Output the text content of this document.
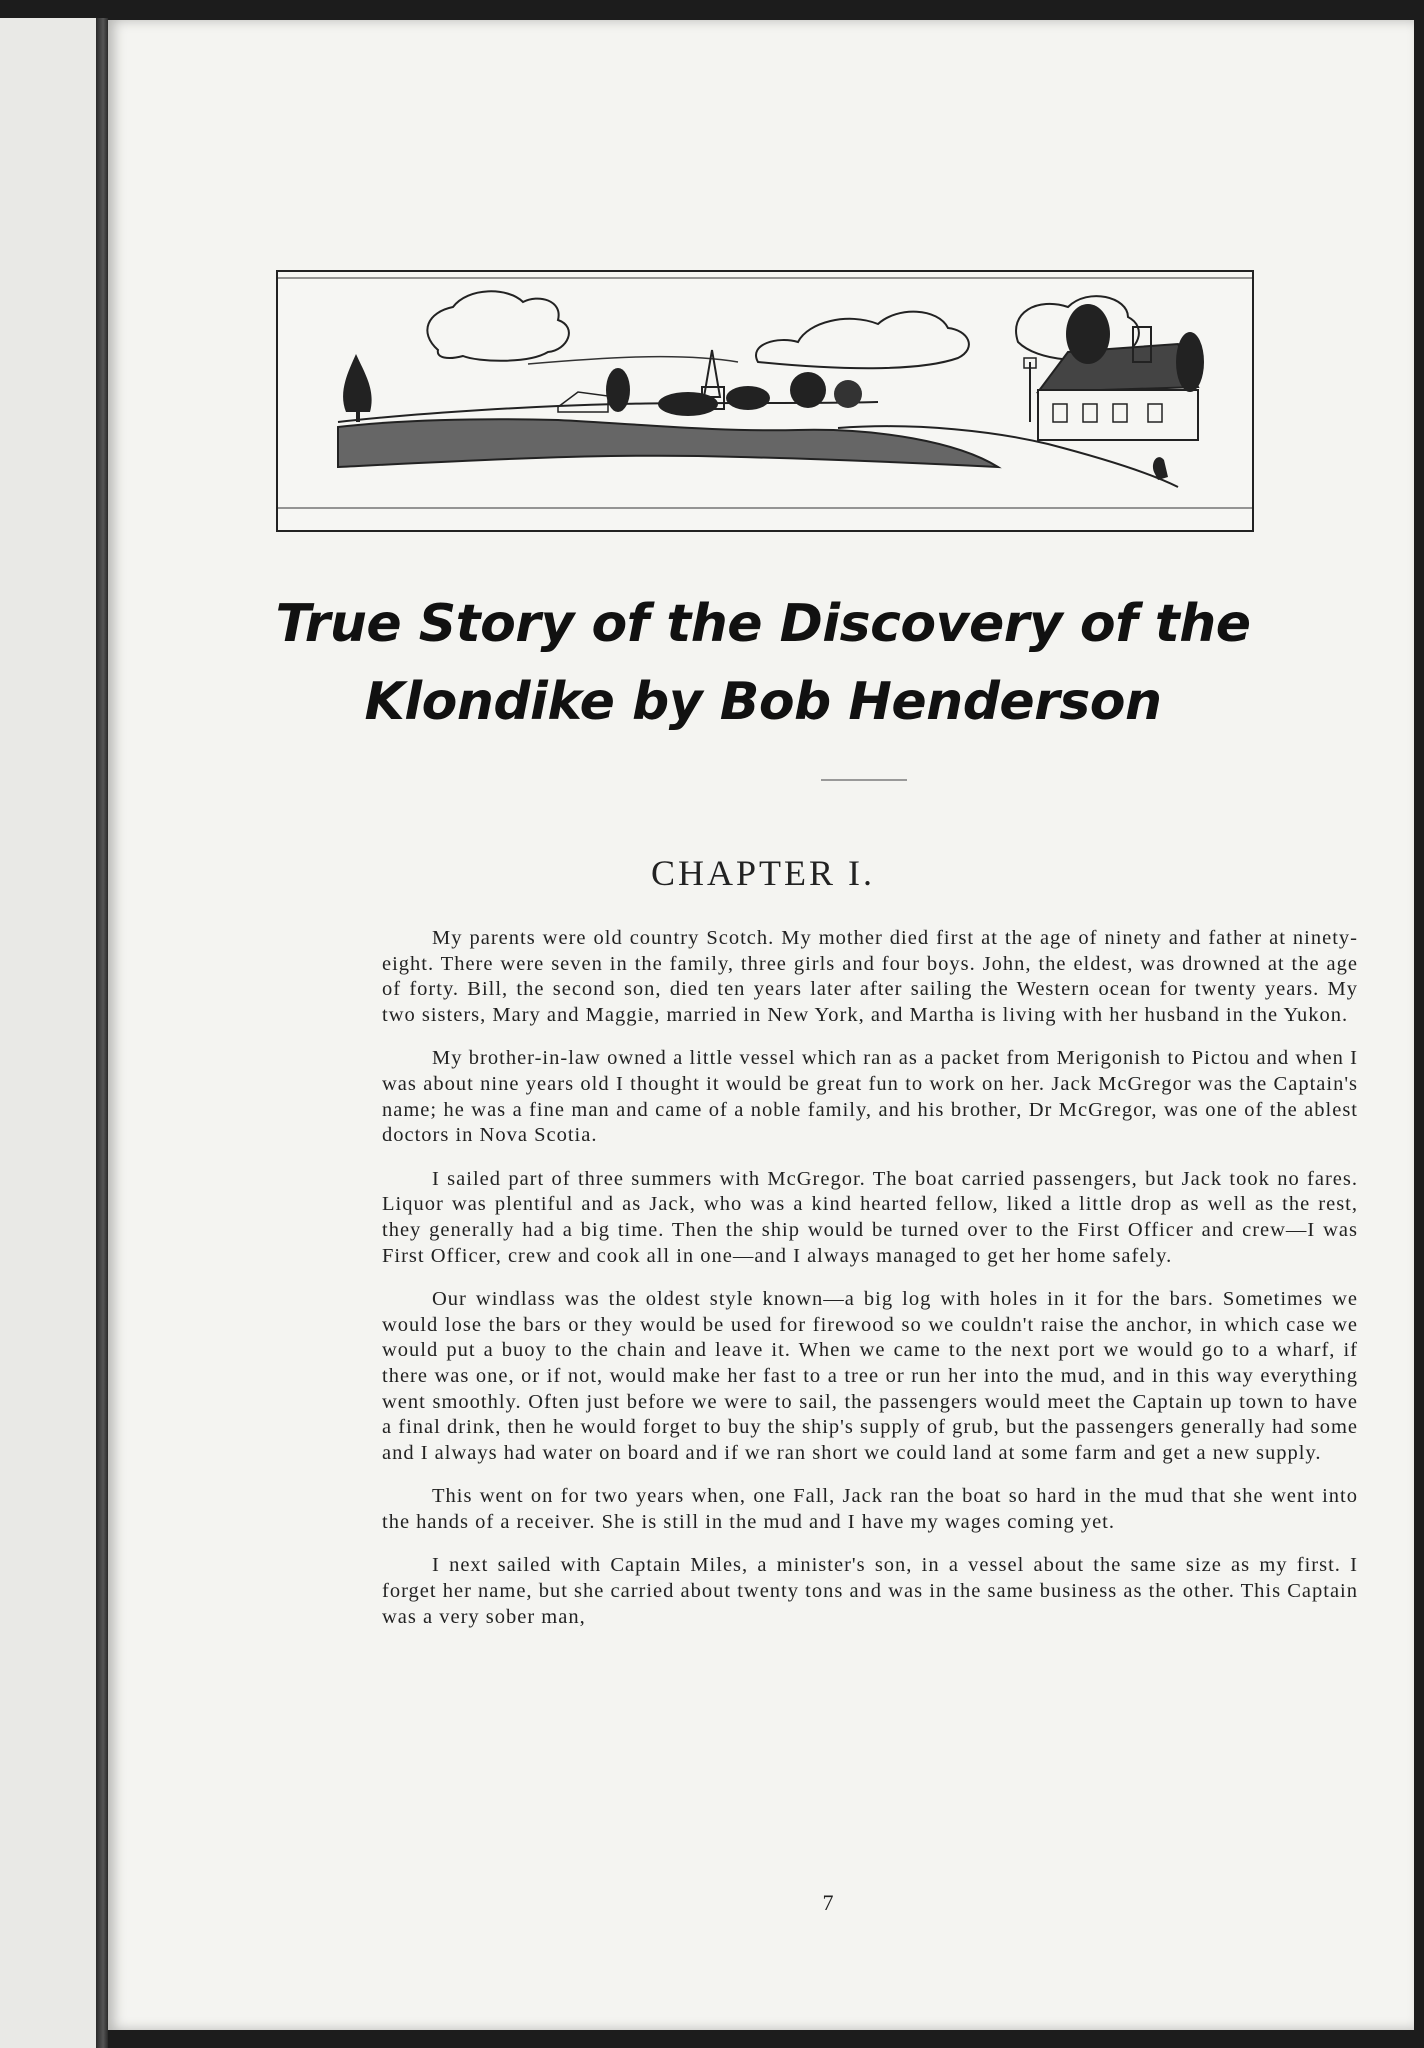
True Story of the Discovery of the
Klondike by Bob Henderson
CHAPTER I.

My parents were old country Scotch. My mother died first at the age of ninety and father at ninety-eight. There were seven in the family, three girls and four boys. John, the eldest, was drowned at the age of forty. Bill, the second son, died ten years later after sailing the Western ocean for twenty years. My two sisters, Mary and Maggie, married in New York, and Martha is living with her husband in the Yukon.

My brother-in-law owned a little vessel which ran as a packet from Merigonish to Pictou and when I was about nine years old I thought it would be great fun to work on her. Jack McGregor was the Captain's name; he was a fine man and came of a noble family, and his brother, Dr McGregor, was one of the ablest doctors in Nova Scotia.

I sailed part of three summers with McGregor. The boat carried passengers, but Jack took no fares. Liquor was plentiful and as Jack, who was a kind hearted fellow, liked a little drop as well as the rest, they generally had a big time. Then the ship would be turned over to the First Officer and crew—I was First Officer, crew and cook all in one—and I always managed to get her home safely.

Our windlass was the oldest style known—a big log with holes in it for the bars. Sometimes we would lose the bars or they would be used for firewood so we couldn't raise the anchor, in which case we would put a buoy to the chain and leave it. When we came to the next port we would go to a wharf, if there was one, or if not, would make her fast to a tree or run her into the mud, and in this way everything went smoothly. Often just before we were to sail, the passengers would meet the Captain up town to have a final drink, then he would forget to buy the ship's supply of grub, but the passengers generally had some and I always had water on board and if we ran short we could land at some farm and get a new supply.

This went on for two years when, one Fall, Jack ran the boat so hard in the mud that she went into the hands of a receiver. She is still in the mud and I have my wages coming yet.

I next sailed with Captain Miles, a minister's son, in a vessel about the same size as my first. I forget her name, but she carried about twenty tons and was in the same business as the other. This Captain was a very sober man,

7
